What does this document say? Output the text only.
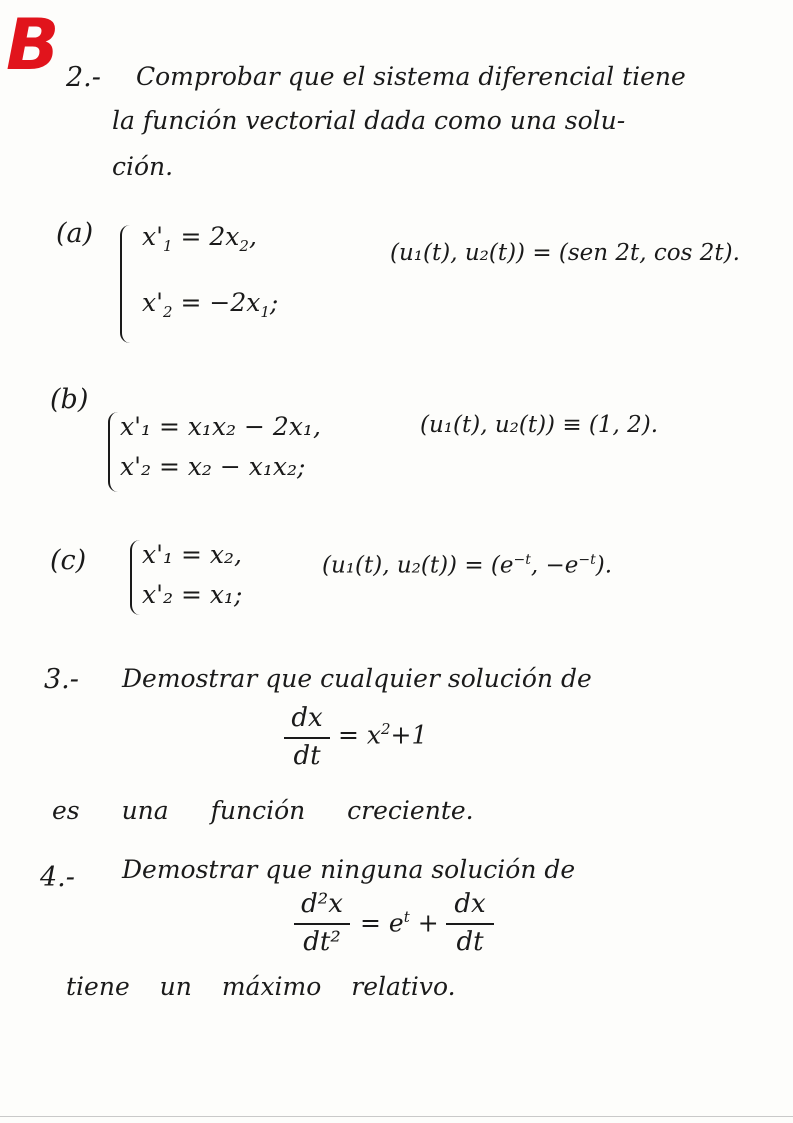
B 2.- Comprobar que el sistema diferencial tiene
la función vectorial dada como una solu-
ción.
(a) $x'_1 = 2x_2$,
$x'_2 = -2x_1$;
(u₁(t), u₂(t)) = (sen 2t, cos 2t).
(b)
x'₁ = x₁x₂ − 2x₁,
x'₂ = x₂ − x₁x₂;
(u₁(t), u₂(t)) ≡ (1, 2).
(c) x'₁ = x₂,
x'₂ = x₁;
(u₁(t), $u_2(t)) = (e^{-t}$, $-e^{-t}$).
3.- Demostrar que cualquier solución de
dx
dt
= $x^2+1$
es una función creciente.
4.- Demostrar que ninguna solución de
d²x
dt²
= $e^t$ +
dx
dt
tiene un máximo relativo.
